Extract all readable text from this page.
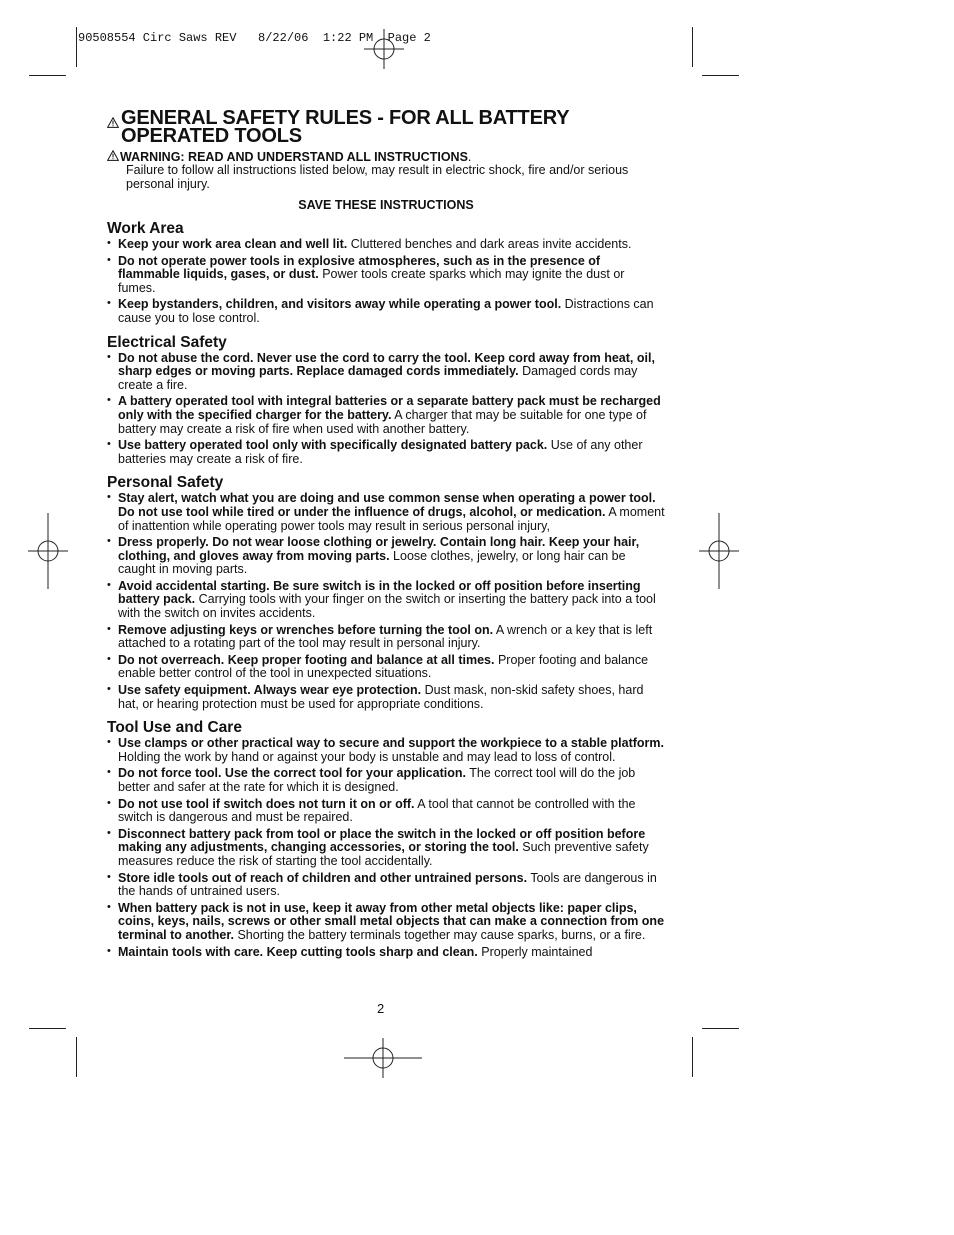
90508554 Circ Saws REV   8/22/06  1:22 PM  Page 2
GENERAL SAFETY RULES - FOR ALL BATTERY
OPERATED TOOLS
WARNING: READ AND UNDERSTAND ALL INSTRUCTIONS.
Failure to follow all instructions listed below, may result in electric shock, fire and/or serious personal injury.
SAVE THESE INSTRUCTIONS
Work Area
• Keep your work area clean and well lit. Cluttered benches and dark areas invite accidents.
• Do not operate power tools in explosive atmospheres, such as in the presence of flammable liquids, gases, or dust. Power tools create sparks which may ignite the dust or fumes.
• Keep bystanders, children, and visitors away while operating a power tool. Distractions can cause you to lose control.
Electrical Safety
• Do not abuse the cord. Never use the cord to carry the tool. Keep cord away from heat, oil, sharp edges or moving parts. Replace damaged cords immediately. Damaged cords may create a fire.
• A battery operated tool with integral batteries or a separate battery pack must be recharged only with the specified charger for the battery. A charger that may be suitable for one type of battery may create a risk of fire when used with another battery.
• Use battery operated tool only with specifically designated battery pack. Use of any other batteries may create a risk of fire.
Personal Safety
• Stay alert, watch what you are doing and use common sense when operating a power tool. Do not use tool while tired or under the influence of drugs, alcohol, or medication. A moment of inattention while operating power tools may result in serious personal injury,
• Dress properly. Do not wear loose clothing or jewelry. Contain long hair. Keep your hair, clothing, and gloves away from moving parts. Loose clothes, jewelry, or long hair can be caught in moving parts.
• Avoid accidental starting. Be sure switch is in the locked or off position before inserting battery pack. Carrying tools with your finger on the switch or inserting the battery pack into a tool with the switch on invites accidents.
• Remove adjusting keys or wrenches before turning the tool on. A wrench or a key that is left attached to a rotating part of the tool may result in personal injury.
• Do not overreach. Keep proper footing and balance at all times. Proper footing and balance enable better control of the tool in unexpected situations.
• Use safety equipment. Always wear eye protection. Dust mask, non-skid safety shoes, hard hat, or hearing protection must be used for appropriate conditions.
Tool Use and Care
• Use clamps or other practical way to secure and support the workpiece to a stable platform. Holding the work by hand or against your body is unstable and may lead to loss of control.
• Do not force tool. Use the correct tool for your application. The correct tool will do the job better and safer at the rate for which it is designed.
• Do not use tool if switch does not turn it on or off. A tool that cannot be controlled with the switch is dangerous and must be repaired.
• Disconnect battery pack from tool or place the switch in the locked or off position before making any adjustments, changing accessories, or storing the tool. Such preventive safety measures reduce the risk of starting the tool accidentally.
• Store idle tools out of reach of children and other untrained persons. Tools are dangerous in the hands of untrained users.
• When battery pack is not in use, keep it away from other metal objects like: paper clips, coins, keys, nails, screws or other small metal objects that can make a connection from one terminal to another. Shorting the battery terminals together may cause sparks, burns, or a fire.
• Maintain tools with care. Keep cutting tools sharp and clean. Properly maintained
2
